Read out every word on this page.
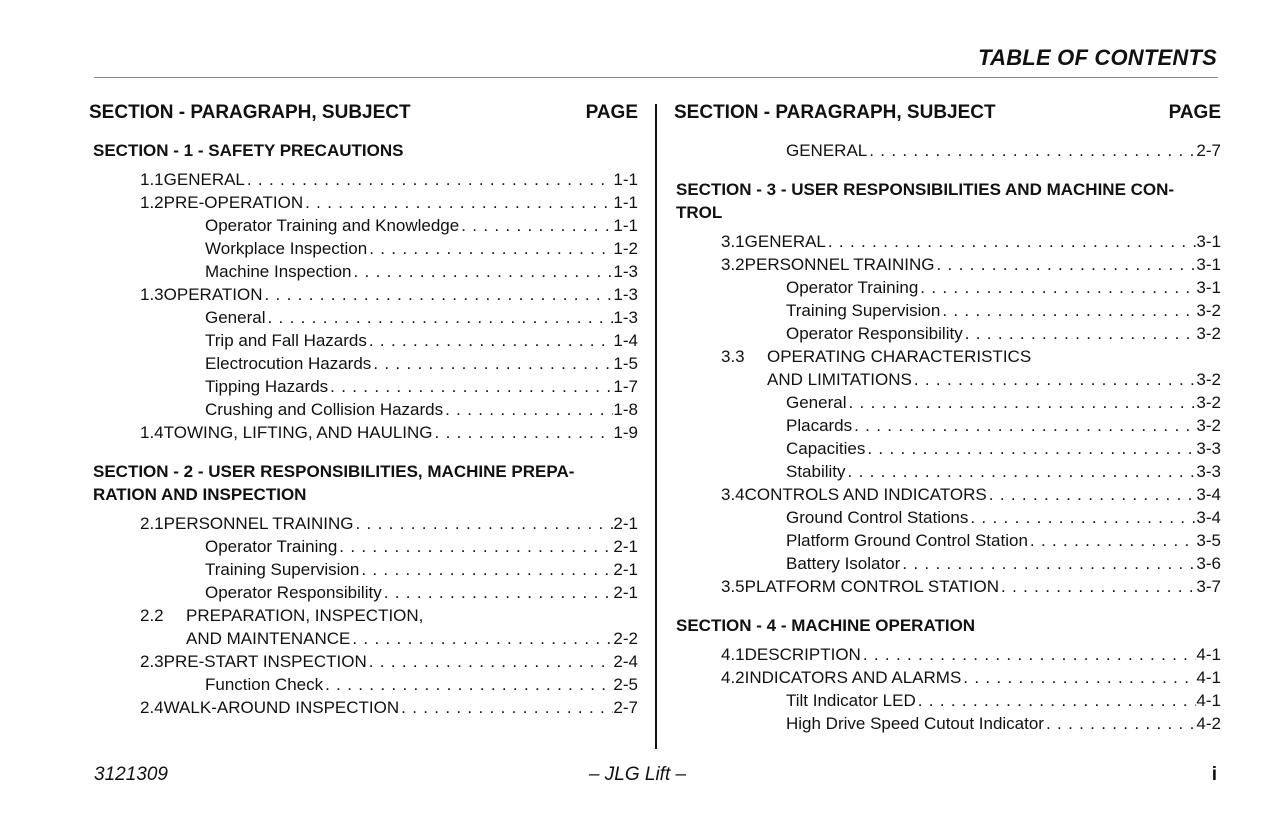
TABLE OF CONTENTS
SECTION - PARAGRAPH, SUBJECT	PAGE
SECTION - 1 - SAFETY PRECAUTIONS
1.1 GENERAL . . .	1-1
1.2 PRE-OPERATION . . .	1-1
Operator Training and Knowledge . . .	1-1
Workplace Inspection . . .	1-2
Machine Inspection . . .	1-3
1.3 OPERATION . . .	1-3
General . . .	1-3
Trip and Fall Hazards . . .	1-4
Electrocution Hazards . . .	1-5
Tipping Hazards . . .	1-7
Crushing and Collision Hazards . . .	1-8
1.4 TOWING, LIFTING, AND HAULING . . .	1-9
SECTION - 2 - USER RESPONSIBILITIES, MACHINE PREPA-
RATION AND INSPECTION
2.1 PERSONNEL TRAINING . . .	2-1
Operator Training . . .	2-1
Training Supervision . . .	2-1
Operator Responsibility . . .	2-1
2.2	PREPARATION, INSPECTION,
AND MAINTENANCE . . .	2-2
2.3 PRE-START INSPECTION . . .	2-4
Function Check . . .	2-5
2.4 WALK-AROUND INSPECTION . . .	2-7
SECTION - PARAGRAPH, SUBJECT	PAGE
GENERAL . . .	2-7
SECTION - 3 - USER RESPONSIBILITIES AND MACHINE CON-
TROL
3.1 GENERAL . . .	3-1
3.2 PERSONNEL TRAINING . . .	3-1
Operator Training . . .	3-1
Training Supervision . . .	3-2
Operator Responsibility . . .	3-2
3.3	OPERATING CHARACTERISTICS
AND LIMITATIONS . . .	3-2
General . . .	3-2
Placards . . .	3-2
Capacities . . .	3-3
Stability . . .	3-3
3.4 CONTROLS AND INDICATORS . . .	3-4
Ground Control Stations . . .	3-4
Platform Ground Control Station . . .	3-5
Battery Isolator . . .	3-6
3.5 PLATFORM CONTROL STATION . . .	3-7
SECTION - 4 - MACHINE OPERATION
4.1 DESCRIPTION . . .	4-1
4.2 INDICATORS AND ALARMS . . .	4-1
Tilt Indicator LED . . .	4-1
High Drive Speed Cutout Indicator . . .	4-2
3121309	– JLG Lift –	i
